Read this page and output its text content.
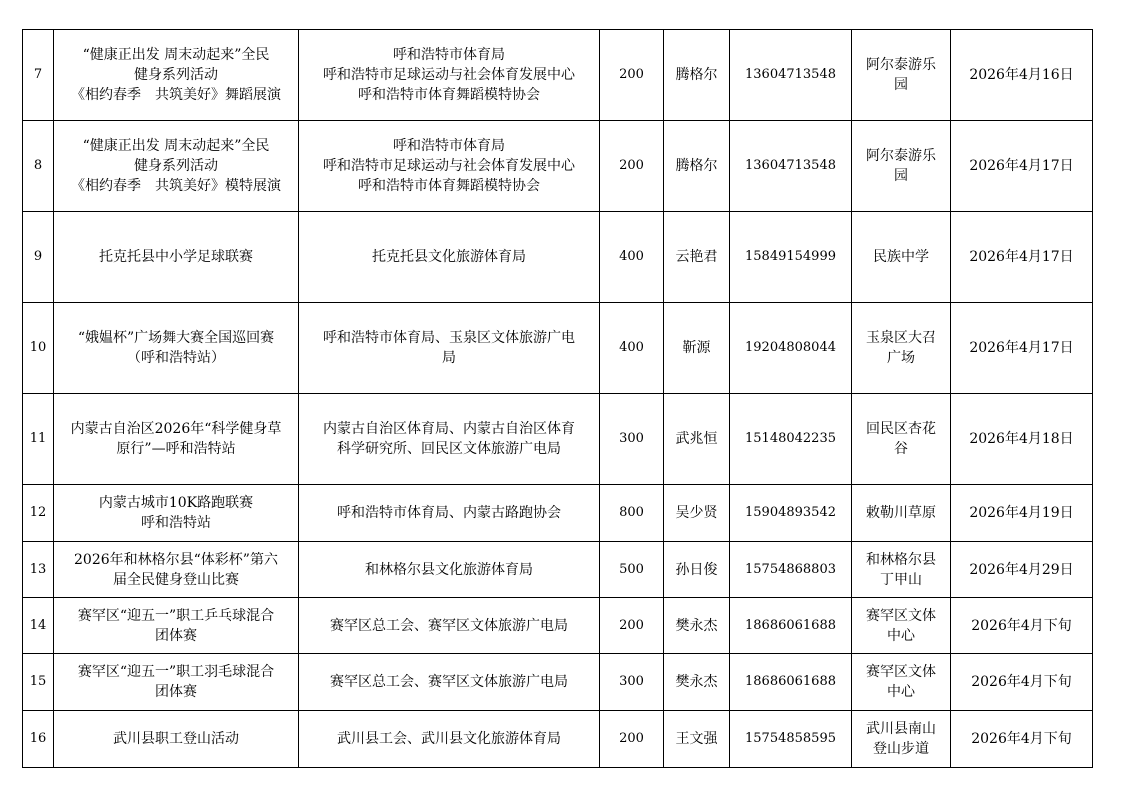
7	“健康正出发 周末动起来”全民
健身系列活动
《相约春季　共筑美好》舞蹈展演	呼和浩特市体育局
呼和浩特市足球运动与社会体育发展中心
呼和浩特市体育舞蹈模特协会	200	腾格尔	13604713548	阿尔泰游乐
园	2026年4月16日
8	“健康正出发 周末动起来”全民
健身系列活动
《相约春季　共筑美好》模特展演	呼和浩特市体育局
呼和浩特市足球运动与社会体育发展中心
呼和浩特市体育舞蹈模特协会	200	腾格尔	13604713548	阿尔泰游乐
园	2026年4月17日
9	托克托县中小学足球联赛	托克托县文化旅游体育局	400	云艳君	15849154999	民族中学	2026年4月17日
10	“娥媪杯”广场舞大赛全国巡回赛
（呼和浩特站）	呼和浩特市体育局、玉泉区文体旅游广电
局	400	靳源	19204808044	玉泉区大召
广场	2026年4月17日
11	内蒙古自治区2026年“科学健身草
原行”—呼和浩特站	内蒙古自治区体育局、内蒙古自治区体育
科学研究所、回民区文体旅游广电局	300	武兆恒	15148042235	回民区杏花
谷	2026年4月18日
12	内蒙古城市10K路跑联赛
呼和浩特站	呼和浩特市体育局、内蒙古路跑协会	800	吴少贤	15904893542	敕勒川草原	2026年4月19日
13	2026年和林格尔县“体彩杯”第六
届全民健身登山比赛	和林格尔县文化旅游体育局	500	孙日俊	15754868803	和林格尔县
丁甲山	2026年4月29日
14	赛罕区“迎五一”职工乒乓球混合
团体赛	赛罕区总工会、赛罕区文体旅游广电局	200	樊永杰	18686061688	赛罕区文体
中心	2026年4月下旬
15	赛罕区“迎五一”职工羽毛球混合
团体赛	赛罕区总工会、赛罕区文体旅游广电局	300	樊永杰	18686061688	赛罕区文体
中心	2026年4月下旬
16	武川县职工登山活动	武川县工会、武川县文化旅游体育局	200	王文强	15754858595	武川县南山
登山步道	2026年4月下旬
